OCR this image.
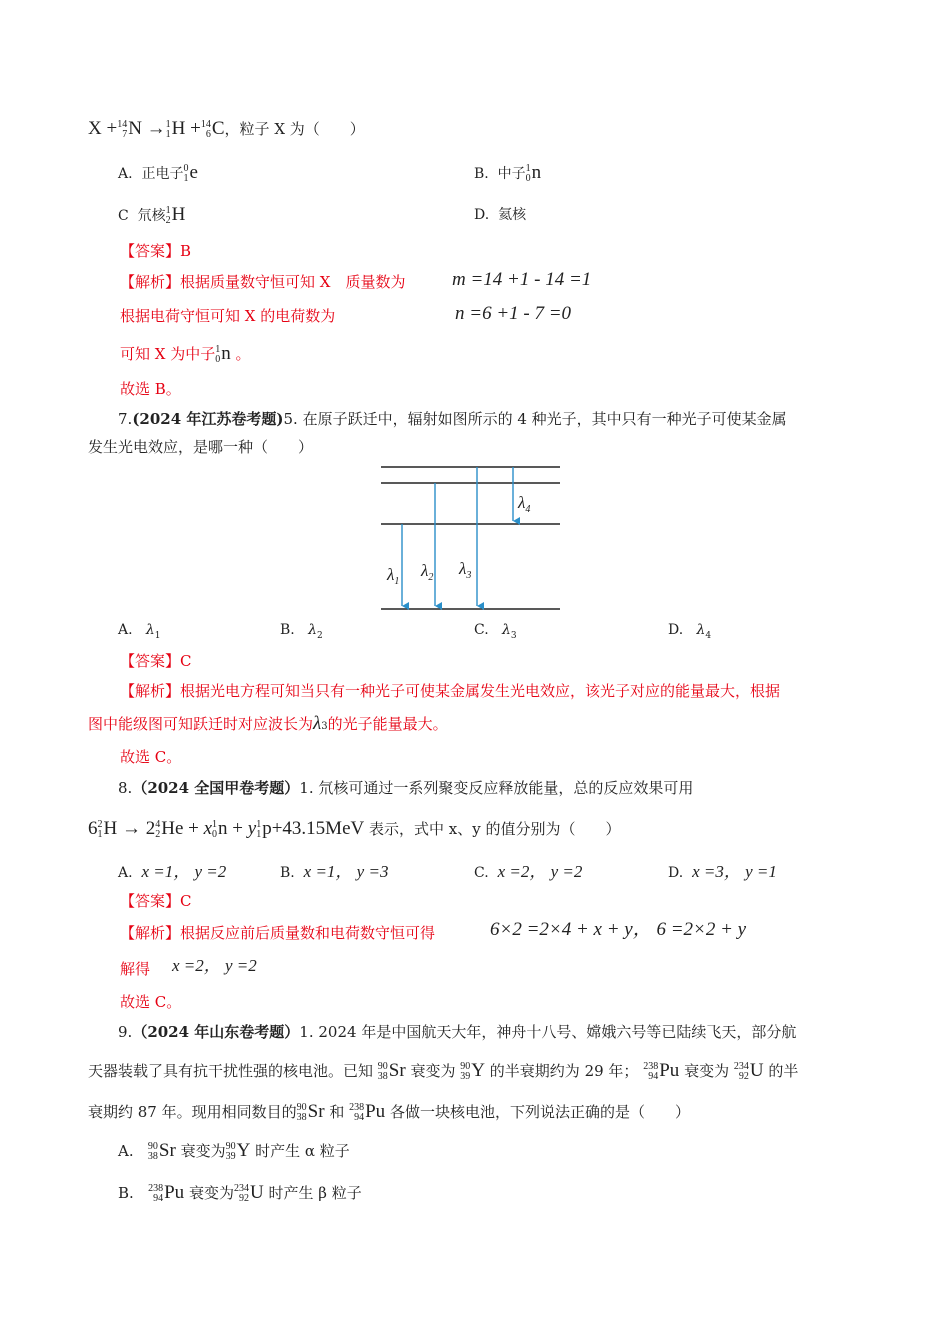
X + 14
7 N → 1
1 H + 14
6 C，粒子 X 为（　　）
A. 正电子 0
1 e	B. 中子 1
0 n
C 氘核 1
2 H	D. 氦核
【答案】B
【解析】根据质量数守恒可知 X　质量数为 m =14 +1 - 14 =1
根据电荷守恒可知 X 的电荷数为	n =6 +1 - 7 =0
可知 X 为中子 1
0 n 。
故选 B。
7.(2024 年江苏卷考题)5. 在原子跃迁中，辐射如图所示的 4 种光子，其中只有一种光子可使某金属
发生光电效应，是哪一种（　　）
$\lambda_1$
$\lambda_2$ $\lambda_3$
$\lambda_4$
A. $\lambda_1$	B. $\lambda_2$	C. $\lambda_3$	D. $\lambda_4$
【答案】C
【解析】根据光电方程可知当只有一种光子可使某金属发生光电效应，该光子对应的能量最大，根据
图中能级图可知跃迁时对应波长为λ3的光子能量最大。
故选 C。
8.（2024 全国甲卷考题）1. 氘核可通过一系列聚变反应释放能量，总的反应效果可用
6 2
1 H → 2 4
2 He + x 1
0 n + y 1
1 p+43.15MeV 表示，式中 x、y 的值分别为（　　）
A. x =1， y =2	B. x =1， y =3	C. x =2， y =2	D. x =3， y =1
【答案】C
【解析】根据反应前后质量数和电荷数守恒可得	6×2 =2×4 + x + y， 6 =2×2 + y
解得 x =2， y =2
故选 C。
9.（2024 年山东卷考题）1. 2024 年是中国航天大年，神舟十八号、嫦娥六号等已陆续飞天，部分航
天器装载了具有抗干扰性强的核电池。已知 90
38 Sr 衰变为 90
39 Y 的半衰期约为 29 年； 238
94 Pu 衰变为 234
92 U 的半
衰期约 87 年。现用相同数目的 90
38 Sr 和 238
94 Pu 各做一块核电池，下列说法正确的是（　　）
A. 90
38 Sr 衰变为 90
39 Y 时产生 α 粒子
B. 238
94 Pu 衰变为 234
92 U 时产生 β 粒子
